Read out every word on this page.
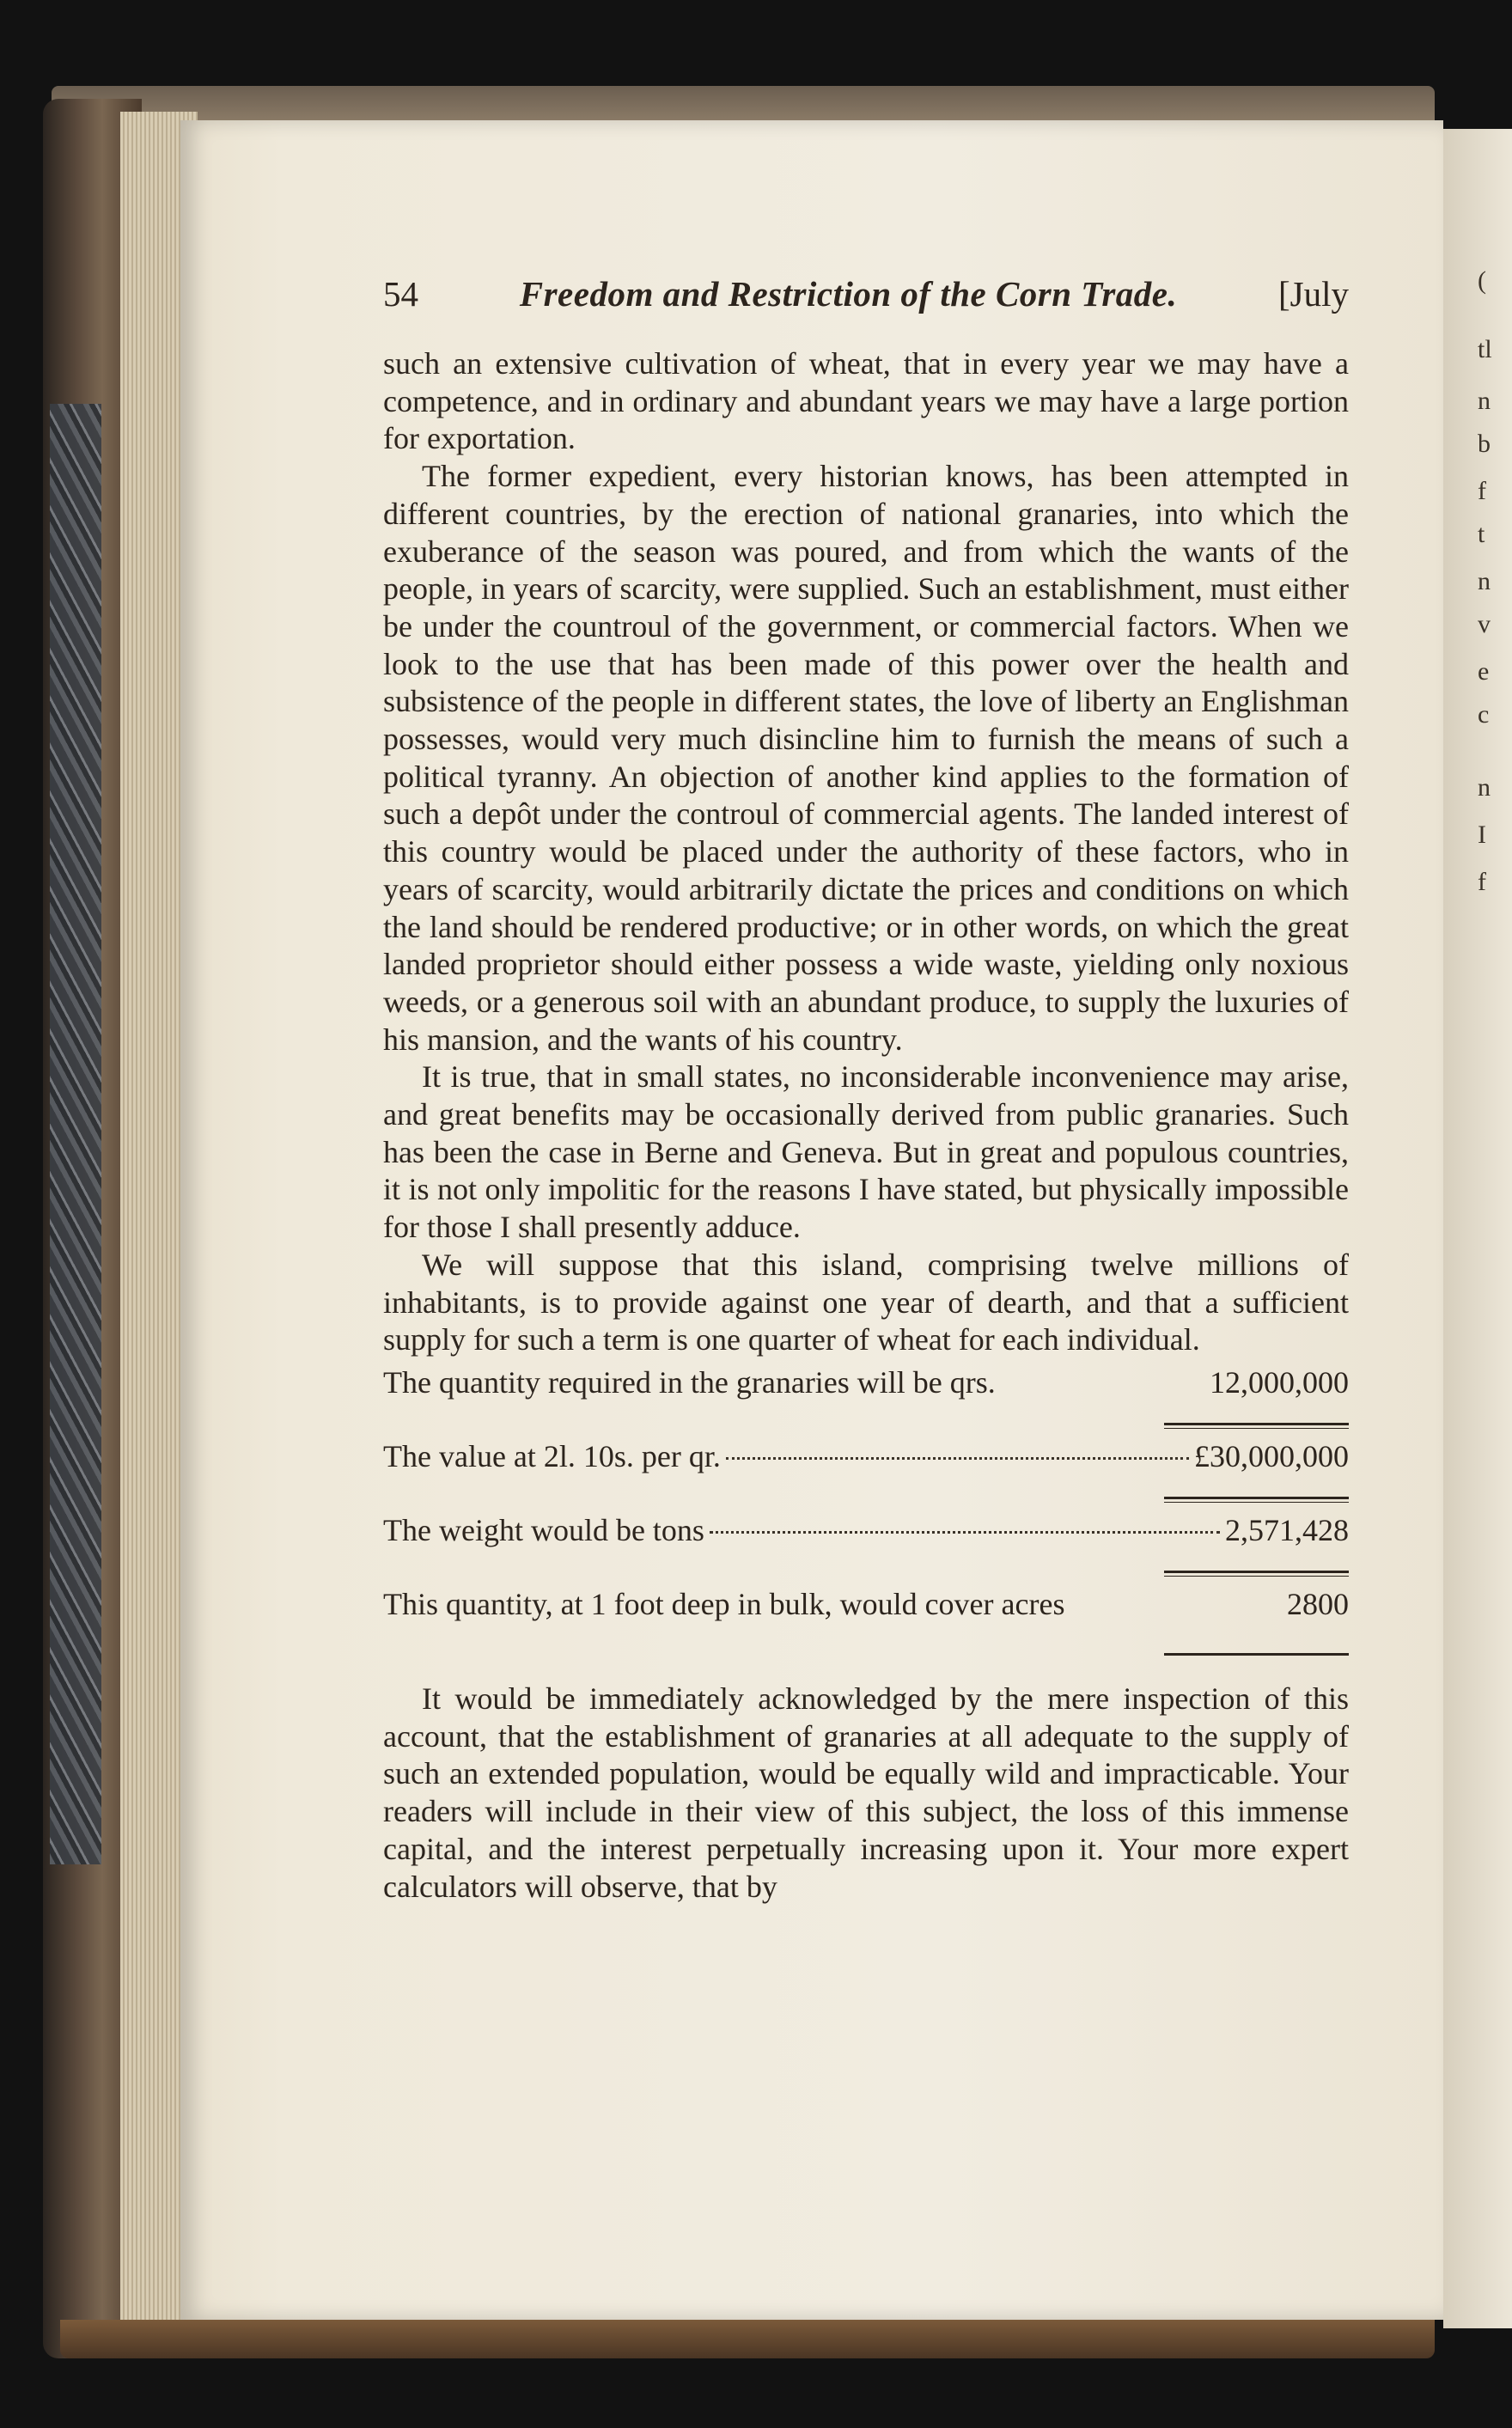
(
tl
n
b
f
t
n
v
e
c
n
I
f
54	Freedom and Restriction of the Corn Trade.	[July

such an extensive cultivation of wheat, that in every year we may have a competence, and in ordinary and abundant years we may have a large portion for exportation.

The former expedient, every historian knows, has been attempted in different countries, by the erection of national granaries, into which the exuberance of the season was poured, and from which the wants of the people, in years of scarcity, were supplied. Such an establishment, must either be under the countroul of the government, or commercial factors. When we look to the use that has been made of this power over the health and subsistence of the people in different states, the love of liberty an Englishman possesses, would very much disincline him to furnish the means of such a political tyranny. An objection of another kind applies to the formation of such a depôt under the controul of commercial agents. The landed interest of this country would be placed under the authority of these factors, who in years of scarcity, would arbitrarily dictate the prices and conditions on which the land should be rendered productive; or in other words, on which the great landed proprietor should either possess a wide waste, yielding only noxious weeds, or a generous soil with an abundant produce, to supply the luxuries of his mansion, and the wants of his country.

It is true, that in small states, no inconsiderable inconvenience may arise, and great benefits may be occasionally derived from public granaries. Such has been the case in Berne and Geneva. But in great and populous countries, it is not only impolitic for the reasons I have stated, but physically impossible for those I shall presently adduce.

We will suppose that this island, comprising twelve millions of inhabitants, is to provide against one year of dearth, and that a sufficient supply for such a term is one quarter of wheat for each individual.

The quantity required in the granaries will be qrs.	12,000,000
The value at 2l. 10s. per qr.	£30,000,000
The weight would be tons	2,571,428
This quantity, at 1 foot deep in bulk, would cover acres	2800

It would be immediately acknowledged by the mere inspection of this account, that the establishment of granaries at all adequate to the supply of such an extended population, would be equally wild and impracticable. Your readers will include in their view of this subject, the loss of this immense capital, and the interest perpetually increasing upon it. Your more expert calculators will observe, that by
